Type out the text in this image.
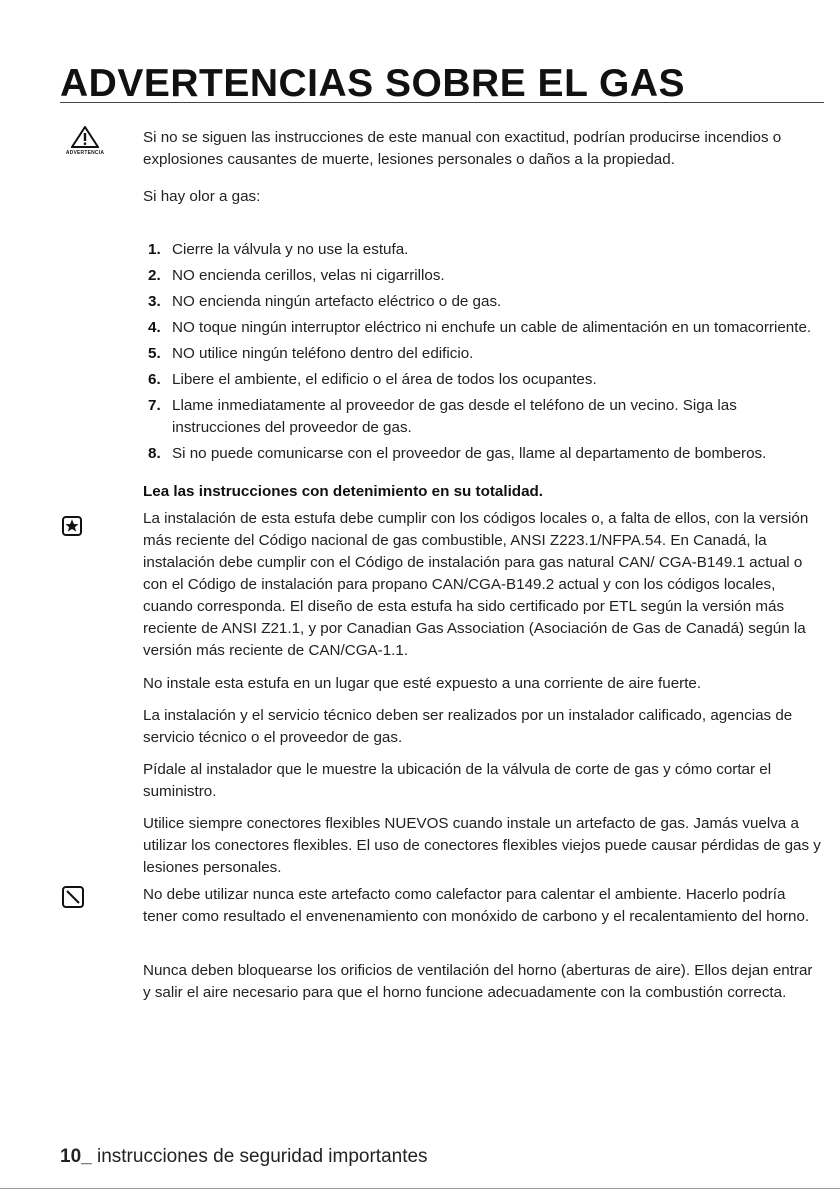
ADVERTENCIAS SOBRE EL GAS
ADVERTENCIA
Si no se siguen las instrucciones de este manual con exactitud, podrían producirse incendios o explosiones causantes de muerte, lesiones personales o daños a la propiedad.
Si hay olor a gas:
1. Cierre la válvula y no use la estufa.
2. NO encienda cerillos, velas ni cigarrillos.
3. NO encienda ningún artefacto eléctrico o de gas.
4. NO toque ningún interruptor eléctrico ni enchufe un cable de alimentación en un tomacorriente.
5. NO utilice ningún teléfono dentro del edificio.
6. Libere el ambiente, el edificio o el área de todos los ocupantes.
7. Llame inmediatamente al proveedor de gas desde el teléfono de un vecino. Siga las instrucciones del proveedor de gas.
8. Si no puede comunicarse con el proveedor de gas, llame al departamento de bomberos.
Lea las instrucciones con detenimiento en su totalidad.
La instalación de esta estufa debe cumplir con los códigos locales o, a falta de ellos, con la versión más reciente del Código nacional de gas combustible, ANSI Z223.1/NFPA.54. En Canadá, la instalación debe cumplir con el Código de instalación para gas natural CAN/ CGA-B149.1 actual o con el Código de instalación para propano CAN/CGA-B149.2 actual y con los códigos locales, cuando corresponda. El diseño de esta estufa ha sido certificado por ETL según la versión más reciente de ANSI Z21.1, y por Canadian Gas Association (Asociación de Gas de Canadá) según la versión más reciente de CAN/CGA-1.1.
No instale esta estufa en un lugar que esté expuesto a una corriente de aire fuerte.
La instalación y el servicio técnico deben ser realizados por un instalador calificado, agencias de servicio técnico o el proveedor de gas.
Pídale al instalador que le muestre la ubicación de la válvula de corte de gas y cómo cortar el suministro.
Utilice siempre conectores flexibles NUEVOS cuando instale un artefacto de gas. Jamás vuelva a utilizar los conectores flexibles. El uso de conectores flexibles viejos puede causar pérdidas de gas y lesiones personales.
No debe utilizar nunca este artefacto como calefactor para calentar el ambiente. Hacerlo podría tener como resultado el envenenamiento con monóxido de carbono y el recalentamiento del horno.
Nunca deben bloquearse los orificios de ventilación del horno (aberturas de aire). Ellos dejan entrar y salir el aire necesario para que el horno funcione adecuadamente con la combustión correcta.
10_ instrucciones de seguridad importantes
